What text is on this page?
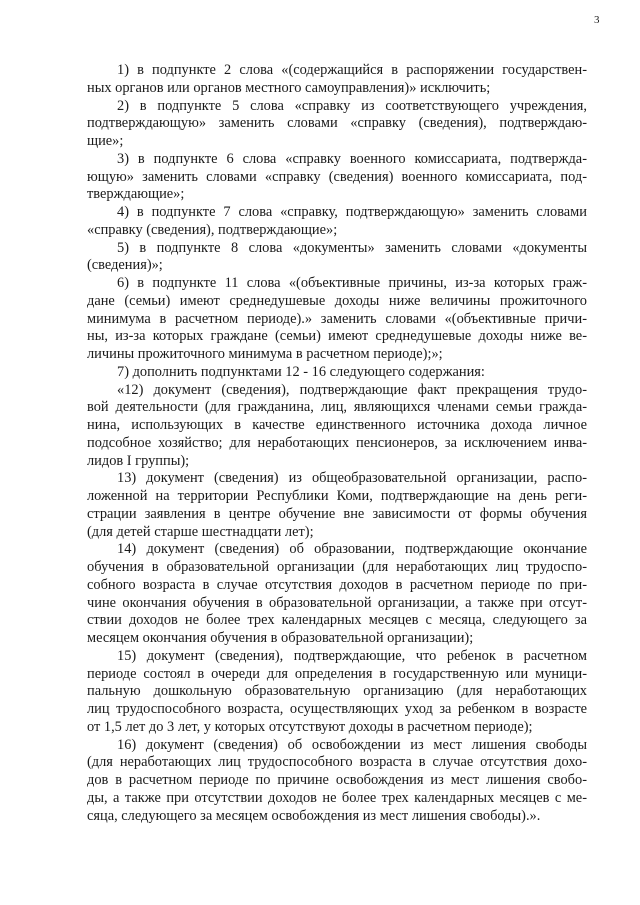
3

1) в подпункте 2 слова «(содержащийся в распоряжении государствен-
ных органов или органов местного самоуправления)» исключить;

2) в подпункте 5 слова «справку из соответствующего учреждения,
подтверждающую» заменить словами «справку (сведения), подтверждаю-
щие»;

3) в подпункте 6 слова «справку военного комиссариата, подтвержда-
ющую» заменить словами «справку (сведения) военного комиссариата, под-
тверждающие»;

4) в подпункте 7 слова «справку, подтверждающую» заменить словами
«справку (сведения), подтверждающие»;

5) в подпункте 8 слова «документы» заменить словами «документы
(сведения)»;

6) в подпункте 11 слова «(объективные причины, из-за которых граж-
дане (семьи) имеют среднедушевые доходы ниже величины прожиточного
минимума в расчетном периоде).» заменить словами «(объективные причи-
ны, из-за которых граждане (семьи) имеют среднедушевые доходы ниже ве-
личины прожиточного минимума в расчетном периоде);»;

7) дополнить подпунктами 12 - 16 следующего содержания:

«12) документ (сведения), подтверждающие факт прекращения трудо-
вой деятельности (для гражданина, лиц, являющихся членами семьи гражда-
нина, использующих в качестве единственного источника дохода личное
подсобное хозяйство; для неработающих пенсионеров, за исключением инва-
лидов I группы);

13) документ (сведения) из общеобразовательной организации, распо-
ложенной на территории Республики Коми, подтверждающие на день реги-
страции заявления в центре обучение вне зависимости от формы обучения
(для детей старше шестнадцати лет);

14) документ (сведения) об образовании, подтверждающие окончание
обучения в образовательной организации (для неработающих лиц трудоспо-
собного возраста в случае отсутствия доходов в расчетном периоде по при-
чине окончания обучения в образовательной организации, а также при отсут-
ствии доходов не более трех календарных месяцев с месяца, следующего за
месяцем окончания обучения в образовательной организации);

15) документ (сведения), подтверждающие, что ребенок в расчетном
периоде состоял в очереди для определения в государственную или муници-
пальную дошкольную образовательную организацию (для неработающих
лиц трудоспособного возраста, осуществляющих уход за ребенком в возрасте
от 1,5 лет до 3 лет, у которых отсутствуют доходы в расчетном периоде);

16) документ (сведения) об освобождении из мест лишения свободы
(для неработающих лиц трудоспособного возраста в случае отсутствия дохо-
дов в расчетном периоде по причине освобождения из мест лишения свобо-
ды, а также при отсутствии доходов не более трех календарных месяцев с ме-
сяца, следующего за месяцем освобождения из мест лишения свободы).».
